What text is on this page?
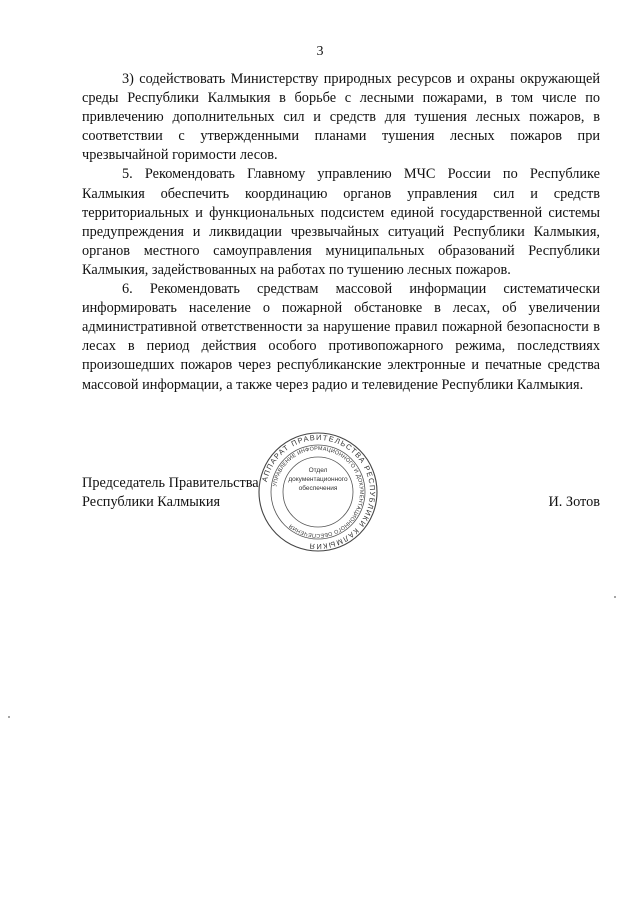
3

3) содействовать Министерству природных ресурсов и охраны окружающей среды Республики Калмыкия в борьбе с лесными пожарами, в том числе по привлечению дополнительных сил и средств для тушения лесных пожаров, в соответствии с утвержденными планами тушения лесных пожаров при чрезвычайной горимости лесов.

5. Рекомендовать Главному управлению МЧС России по Республике Калмыкия обеспечить координацию органов управления сил и средств территориальных и функциональных подсистем единой государственной системы предупреждения и ликвидации чрезвычайных ситуаций Республики Калмыкия, органов местного самоуправления муниципальных образований Республики Калмыкия, задействованных на работах по тушению лесных пожаров.

6. Рекомендовать средствам массовой информации систематически информировать население о пожарной обстановке в лесах, об увеличении административной ответственности за нарушение правил пожарной безопасности в лесах в период действия особого противопожарного режима, последствиях произошедших пожаров через республиканские электронные и печатные средства массовой информации, а также через радио и телевидение Республики Калмыкия.

Председатель Правительства
Республики Калмыкия	И. Зотов
АППАРАТ ПРАВИТЕЛЬСТВА РЕСПУБЛИКИ КАЛМЫКИЯ
УПРАВЛЕНИЕ ИНФОРМАЦИОННОГО И ДОКУМЕНТАЦИОННОГО ОБЕСПЕЧЕНИЯ
Отдел
документационного
обеспечения
